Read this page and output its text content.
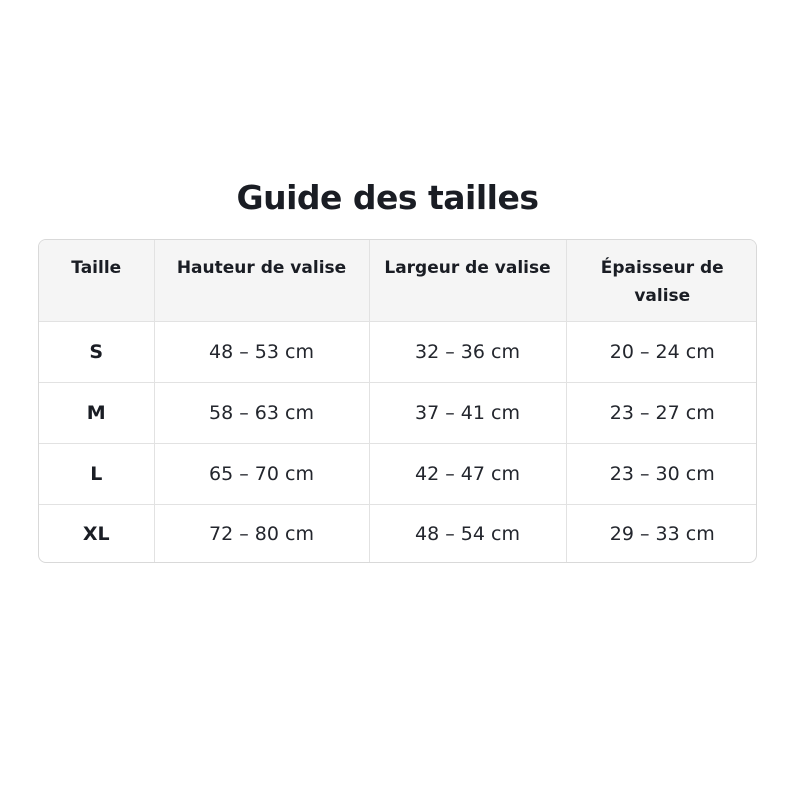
Guide des tailles
Taille	Hauteur de valise	Largeur de valise	Épaisseur de valise
S	48 – 53 cm	32 – 36 cm	20 – 24 cm
M	58 – 63 cm	37 – 41 cm	23 – 27 cm
L	65 – 70 cm	42 – 47 cm	23 – 30 cm
XL	72 – 80 cm	48 – 54 cm	29 – 33 cm
